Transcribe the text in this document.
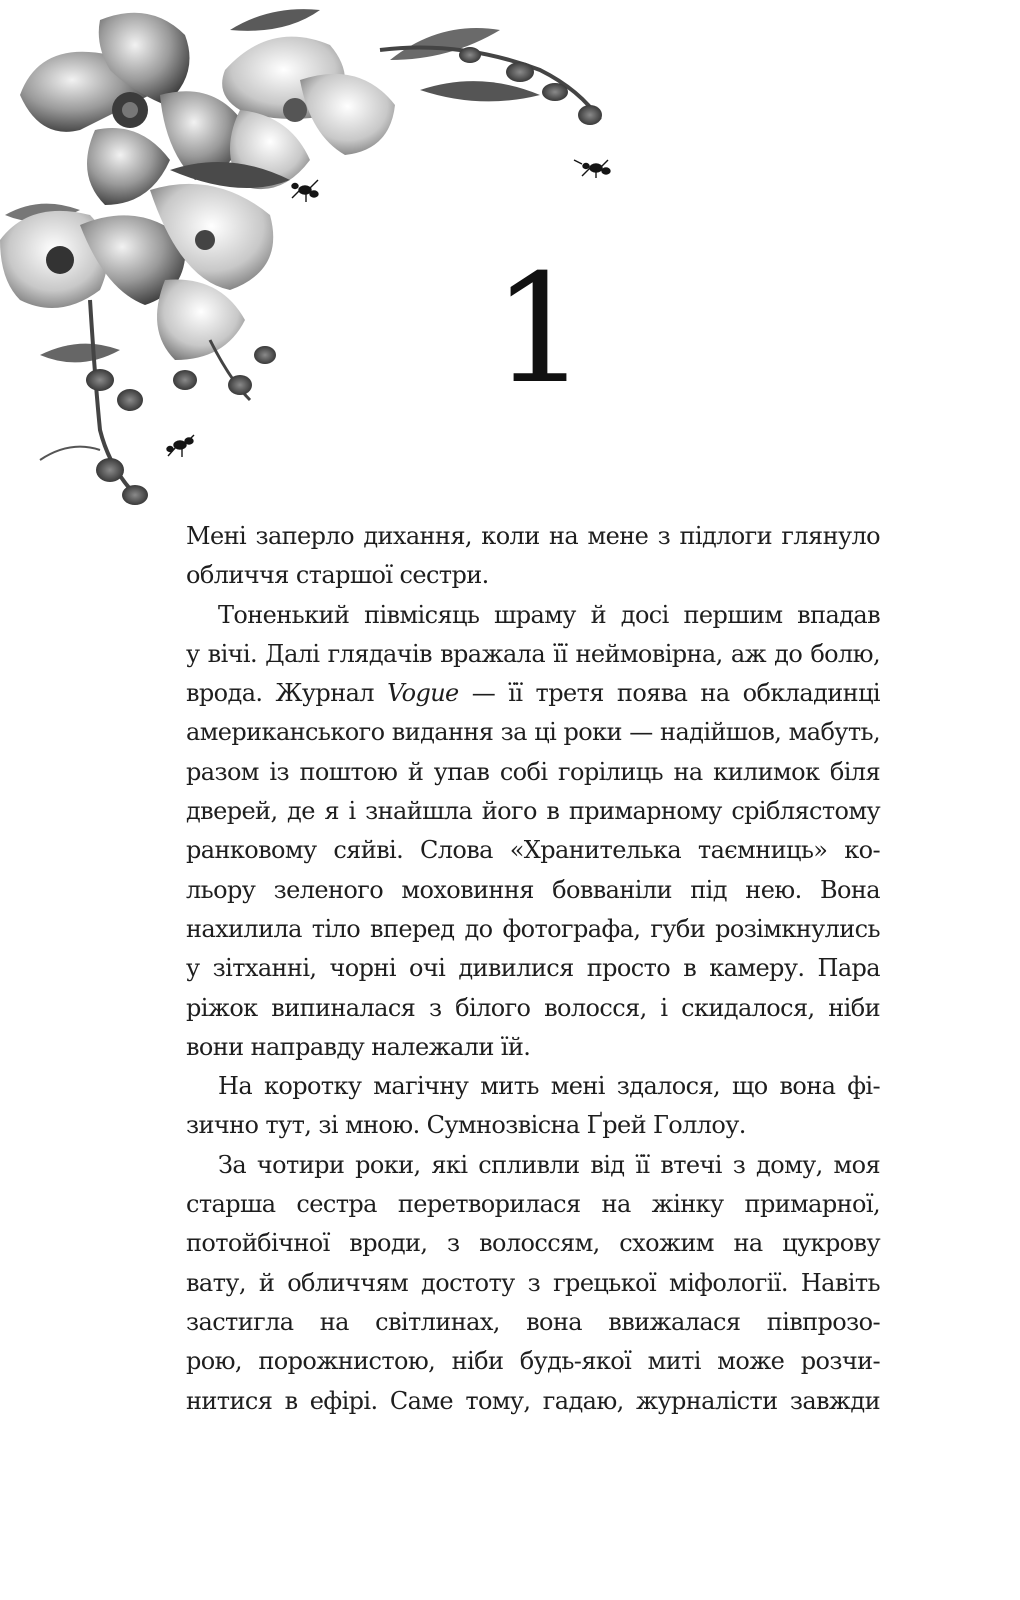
1
Мені заперло дихання, коли на мене з підлоги глянуло
обличчя старшої сестри.
Тоненький півмісяць шраму й досі першим впадав
у вічі. Далі глядачів вражала її неймовірна, аж до болю,
врода. Журнал Vogue — її третя поява на обкладинці
американського видання за ці роки — надійшов, мабуть,
разом із поштою й упав собі горілиць на килимок біля
дверей, де я і знайшла його в примарному сріблястому
ранковому сяйві. Слова «Хранителька таємниць» ко-
льору зеленого моховиння бовваніли під нею. Вона
нахилила тіло вперед до фотографа, губи розімкнулись
у зітханні, чорні очі дивилися просто в камеру. Пара
ріжок випиналася з білого волосся, і скидалося, ніби
вони направду належали їй.
На коротку магічну мить мені здалося, що вона фі-
зично тут, зі мною. Сумнозвісна Ґрей Голлоу.
За чотири роки, які спливли від її втечі з дому, моя
старша сестра перетворилася на жінку примарної,
потойбічної вроди, з волоссям, схожим на цукрову
вату, й обличчям достоту з грецької міфології. Навіть
застигла на світлинах, вона ввижалася півпрозо-
рою, порожнистою, ніби будь-якої миті може розчи-
нитися в ефірі. Саме тому, гадаю, журналісти завжди
